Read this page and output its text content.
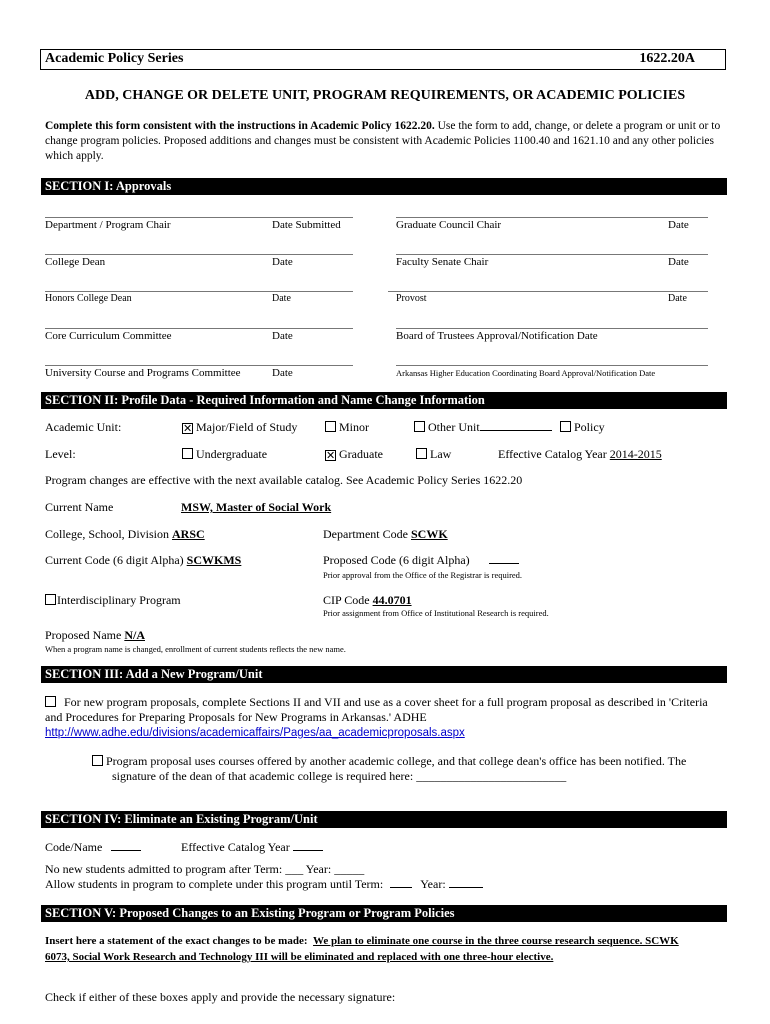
Academic Policy Series	1622.20A
ADD, CHANGE OR DELETE UNIT, PROGRAM REQUIREMENTS, OR ACADEMIC POLICIES
Complete this form consistent with the instructions in Academic Policy 1622.20. Use the form to add, change, or delete a program or unit or to change program policies. Proposed additions and changes must be consistent with Academic Policies 1100.40 and 1621.10 and any other policies which apply.
SECTION I: Approvals
Department / Program Chair	Date Submitted
College Dean	Date
Honors College Dean	Date
Core Curriculum Committee	Date
University Course and Programs Committee	Date
Graduate Council Chair	Date
Faculty Senate Chair	Date
Provost	Date
Board of Trustees Approval/Notification Date
Arkansas Higher Education Coordinating Board Approval/Notification Date
SECTION II: Profile Data - Required Information and Name Change Information
Academic Unit:	✕ Major/Field of Study	Minor	Other Unit	Policy
Level:	Undergraduate	✕ Graduate	Law	Effective Catalog Year 2014-2015
Program changes are effective with the next available catalog. See Academic Policy Series 1622.20
Current Name	MSW, Master of Social Work
College, School, Division ARSC	Department Code SCWK
Current Code (6 digit Alpha) SCWKMS	Proposed Code (6 digit Alpha)
Prior approval from the Office of the Registrar is required.
Interdisciplinary Program	CIP Code 44.0701
Prior assignment from Office of Institutional Research is required.
Proposed Name N/A
When a program name is changed, enrollment of current students reflects the new name.
SECTION III: Add a New Program/Unit
For new program proposals, complete Sections II and VII and use as a cover sheet for a full program proposal as described in 'Criteria and Procedures for Preparing Proposals for New Programs in Arkansas.' ADHE
http://www.adhe.edu/divisions/academicaffairs/Pages/aa_academicproposals.aspx
Program proposal uses courses offered by another academic college, and that college dean's office has been notified. The signature of the dean of that academic college is required here: _________________________
SECTION IV: Eliminate an Existing Program/Unit
Code/Name	Effective Catalog Year
No new students admitted to program after Term: ___ Year: _____
Allow students in program to complete under this program until Term:	Year:
SECTION V: Proposed Changes to an Existing Program or Program Policies
Insert here a statement of the exact changes to be made: We plan to eliminate one course in the three course research sequence. SCWK 6073, Social Work Research and Technology III will be eliminated and replaced with one three-hour elective.
Check if either of these boxes apply and provide the necessary signature:
